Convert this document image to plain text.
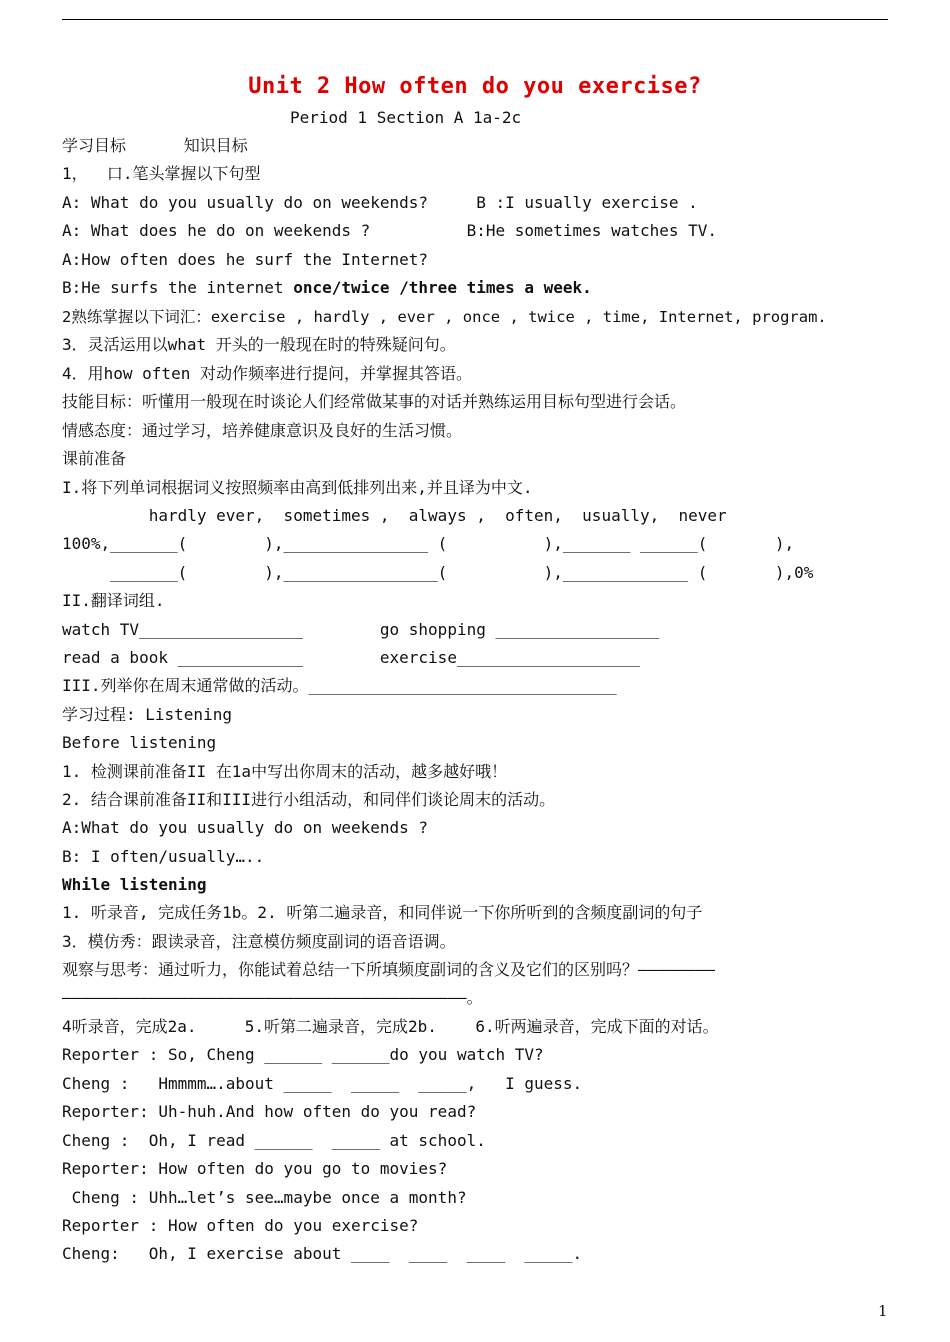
Unit 2 How often do you exercise?
Period 1 Section A 1a-2c
学习目标      知识目标
1，  口.笔头掌握以下句型
A: What do you usually do on weekends?     B :I usually exercise .
A: What does he do on weekends ?          B:He sometimes watches TV.
A:How often does he surf the Internet?
B:He surfs the internet once/twice /three times a week.
2熟练掌握以下词汇：exercise , hardly , ever , once , twice , time, Internet, program.
3．灵活运用以what 开头的一般现在时的特殊疑问句。
4．用how often 对动作频率进行提问，并掌握其答语。
技能目标：听懂用一般现在时谈论人们经常做某事的对话并熟练运用目标句型进行会话。
情感态度：通过学习，培养健康意识及良好的生活习惯。
课前准备
I.将下列单词根据词义按照频率由高到低排列出来,并且译为中文.
hardly ever,  sometimes ,  always ,  often,  usually,  never
100%,_______(        ),_______________ (          ),_______ ______(       ),
_______(        ),________________(          ),_____________ (       ),0%
II.翻译词组.
watch TV_________________        go shopping _________________
read a book _____________        exercise___________________
III.列举你在周末通常做的活动。________________________________
学习过程: Listening
Before listening
1. 检测课前准备II 在1a中写出你周末的活动，越多越好哦！
2. 结合课前准备II和III进行小组活动，和同伴们谈论周末的活动。
A:What do you usually do on weekends ?
B: I often/usually…..
While listening
1. 听录音, 完成任务1b。2. 听第二遍录音，和同伴说一下你所听到的含频度副词的句子
3．模仿秀：跟读录音，注意模仿频度副词的语音语调。
观察与思考：通过听力，你能试着总结一下所填频度副词的含义及它们的区别吗？————————
——————————————————————————————————————————。
4听录音，完成2a.     5.听第二遍录音，完成2b.    6.听两遍录音，完成下面的对话。
Reporter : So, Cheng ______ ______do you watch TV?
Cheng :   Hmmmm….about _____  _____  _____,   I guess.
Reporter: Uh-huh.And how often do you read?
Cheng :  Oh, I read ______  _____ at school.
Reporter: How often do you go to movies?
Cheng : Uhh…let’s see…maybe once a month?
Reporter : How often do you exercise?
Cheng:   Oh, I exercise about ____  ____  ____  _____.
1
